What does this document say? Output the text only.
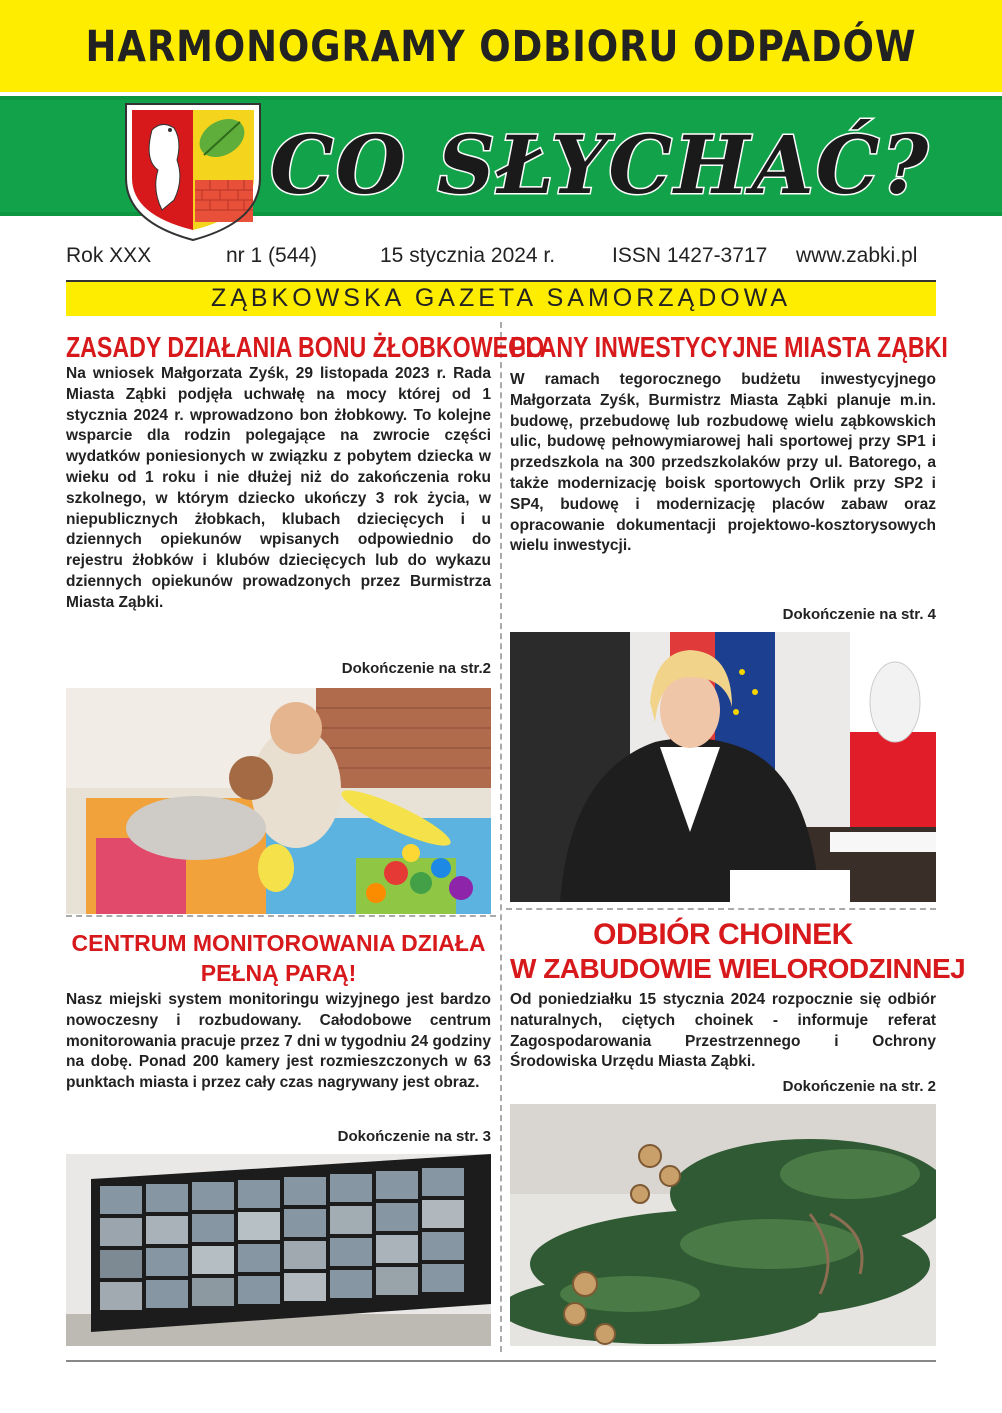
HARMONOGRAMY ODBIORU ODPADÓW
CO SŁYCHAĆ?
Rok XXX	nr 1 (544)	15 stycznia 2024 r.	ISSN 1427-3717 www.zabki.pl
ZĄBKOWSKA GAZETA SAMORZĄDOWA
ZASADY DZIAŁANIA BONU ŻŁOBKOWEGO
Na wniosek Małgorzata Zyśk, 29 listopada 2023 r. Rada Miasta Ząbki podjęła uchwałę na mocy której od 1 stycznia 2024 r. wprowadzono bon żłobkowy. To kolejne wsparcie dla rodzin polegające na zwrocie części wydatków poniesionych w związku z pobytem dziecka w wieku od 1 roku i nie dłużej niż do zakończenia roku szkolnego, w którym dziecko ukończy 3 rok życia, w niepublicznych żłobkach, klubach dziecięcych i u dziennych opiekunów wpisanych odpowiednio do rejestru żłobków i klubów dziecięcych lub do wykazu dziennych opiekunów prowadzonych przez Burmistrza Miasta Ząbki.
Dokończenie na str.2
PLANY INWESTYCYJNE MIASTA ZĄBKI
W ramach tegorocznego budżetu inwestycyjnego Małgorzata Zyśk, Burmistrz Miasta Ząbki planuje m.in. budowę, przebudowę lub rozbudowę wielu ząbkowskich ulic, budowę pełnowymiarowej hali sportowej przy SP1 i przedszkola na 300 przedszkolaków przy ul. Batorego, a także modernizację boisk sportowych Orlik przy SP2 i SP4, budowę i modernizację placów zabaw oraz opracowanie dokumentacji projektowo-kosztorysowych wielu inwestycji.
Dokończenie na str. 4
CENTRUM MONITOROWANIA DZIAŁA PEŁNĄ PARĄ!
Nasz miejski system monitoringu wizyjnego jest bardzo nowoczesny i rozbudowany. Całodobowe centrum monitorowania pracuje przez 7 dni w tygodniu 24 godziny na dobę. Ponad 200 kamery jest rozmieszczonych w 63 punktach miasta i przez cały czas nagrywany jest obraz.
Dokończenie na str. 3
ODBIÓR CHOINEK
W ZABUDOWIE WIELORODZINNEJ
Od poniedziałku 15 stycznia 2024 rozpocznie się odbiór naturalnych, ciętych choinek - informuje referat Zagospodarowania Przestrzennego i Ochrony Środowiska Urzędu Miasta Ząbki.
Dokończenie na str. 2
